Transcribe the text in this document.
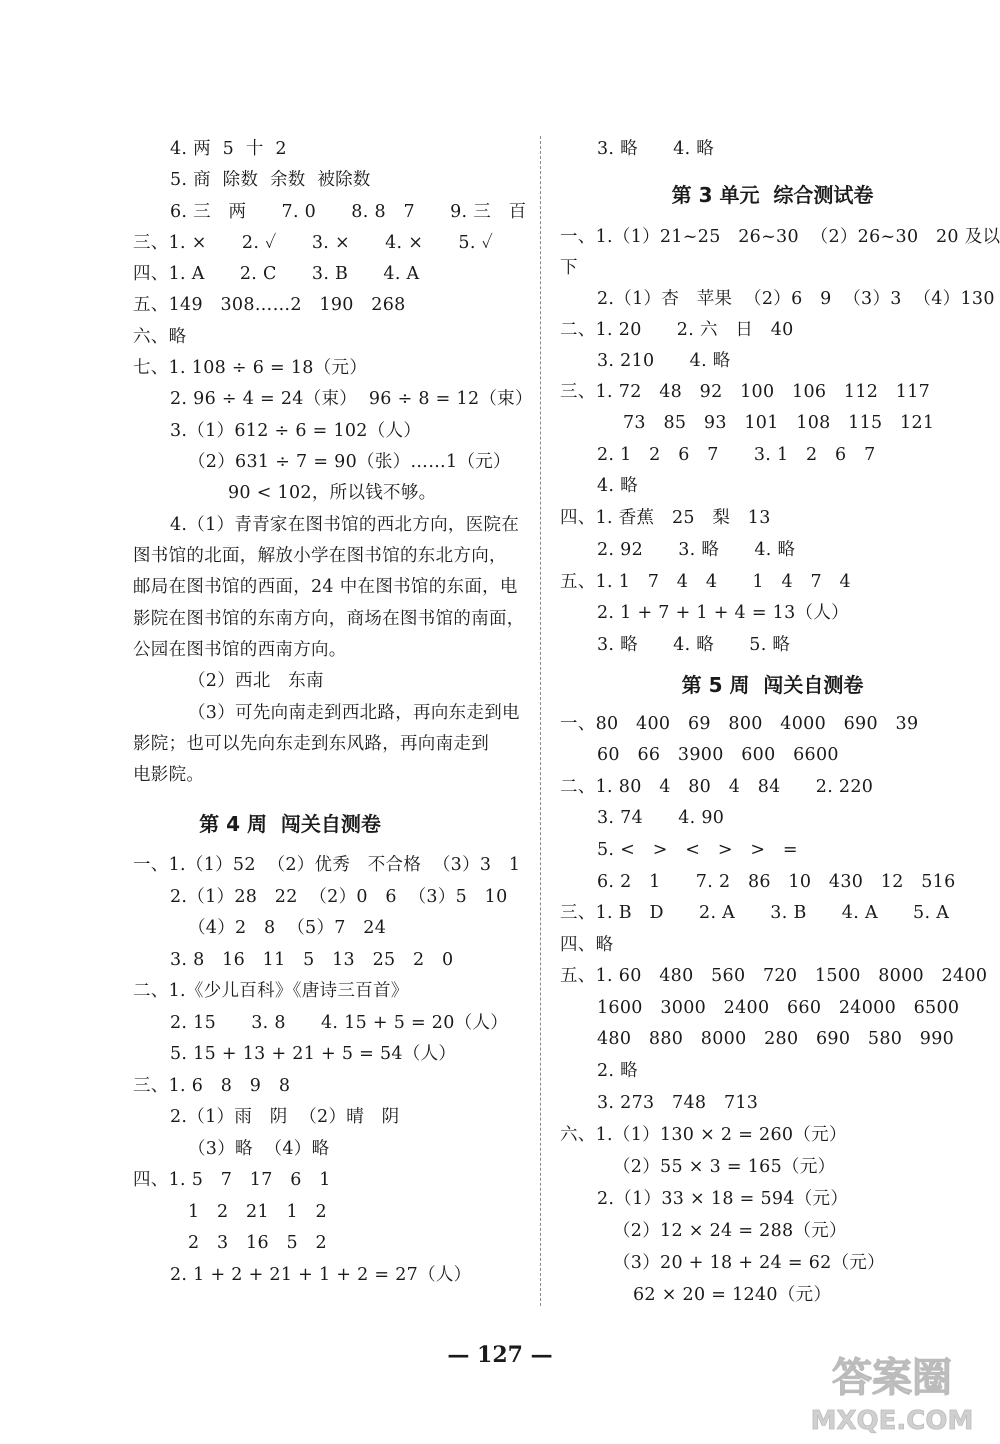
4. 两  5  十  2
5. 商  除数  余数  被除数
6. 三   两      7. 0      8. 8   7      9. 三   百
三、1. ×      2. ✓      3. ×      4. ×      5. ✓
四、1. A      2. C      3. B      4. A
五、149   308……2   190   268
六、略
七、1. 108 ÷ 6 = 18（元）
2. 96 ÷ 4 = 24（束）  96 ÷ 8 = 12（束）
3.（1）612 ÷ 6 = 102（人）
（2）631 ÷ 7 = 90（张）……1（元）
90 < 102，所以钱不够。
4.（1）青青家在图书馆的西北方向，医院在
图书馆的北面，解放小学在图书馆的东北方向，
邮局在图书馆的西面，24 中在图书馆的东面，电
影院在图书馆的东南方向，商场在图书馆的南面，
公园在图书馆的西南方向。
（2）西北   东南
（3）可先向南走到西北路，再向东走到电
影院；也可以先向东走到东风路，再向南走到
电影院。
第 4 周  闯关自测卷
一、1.（1）52  （2）优秀   不合格  （3）3   1
2.（1）28   22  （2）0   6  （3）5   10
（4）2   8  （5）7   24
3. 8   16   11   5   13   25   2   0
二、1.《少儿百科》《唐诗三百首》
2. 15      3. 8      4. 15 + 5 = 20（人）
5. 15 + 13 + 21 + 5 = 54（人）
三、1. 6   8   9   8
2.（1）雨   阴  （2）晴   阴
（3）略  （4）略
四、1. 5   7   17   6   1
1   2   21   1   2
2   3   16   5   2
2. 1 + 2 + 21 + 1 + 2 = 27（人）
3. 略      4. 略
第 3 单元  综合测试卷
一、1.（1）21~25   26~30  （2）26~30   20 及以
下
2.（1）杏   苹果  （2）6   9  （3）3  （4）130
二、1. 20      2. 六   日   40
3. 210      4. 略
三、1. 72   48   92   100   106   112   117
73   85   93   101   108   115   121
2. 1   2   6   7      3. 1   2   6   7
4. 略
四、1. 香蕉   25   梨   13
2. 92      3. 略      4. 略
五、1. 1   7   4   4      1   4   7   4
2. 1 + 7 + 1 + 4 = 13（人）
3. 略      4. 略      5. 略
第 5 周  闯关自测卷
一、80   400   69   800   4000   690   39
60   66   3900   600   6600
二、1. 80   4   80   4   84      2. 220
3. 74      4. 90
5. <   >   <   >   >   =
6. 2   1      7. 2   86   10   430   12   516
三、1. B   D      2. A      3. B      4. A      5. A
四、略
五、1. 60   480   560   720   1500   8000   2400
1600   3000   2400   660   24000   6500
480   880   8000   280   690   580   990
2. 略
3. 273   748   713
六、1.（1）130 × 2 = 260（元）
（2）55 × 3 = 165（元）
2.（1）33 × 18 = 594（元）
（2）12 × 24 = 288（元）
（3）20 + 18 + 24 = 62（元）
62 × 20 = 1240（元）
— 127 —	答案圈
MXQE.COM
